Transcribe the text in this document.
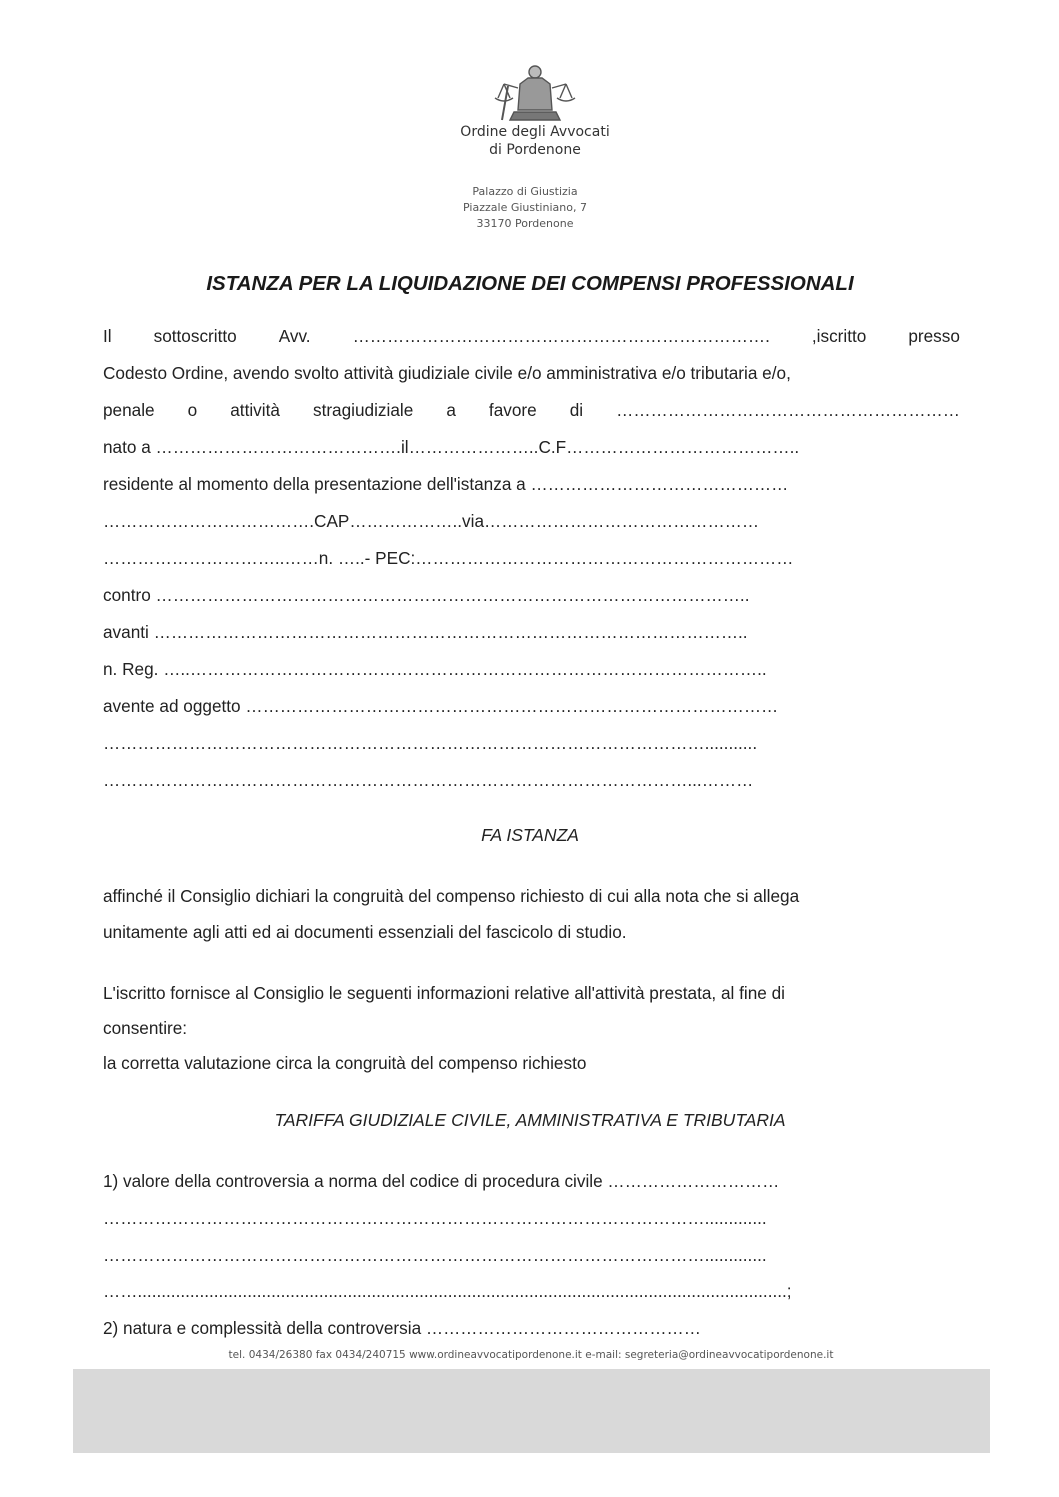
Ordine degli Avvocati
di Pordenone
Palazzo di Giustizia
Piazzale Giustiniano, 7
33170 Pordenone
ISTANZA PER LA LIQUIDAZIONE DEI COMPENSI PROFESSIONALI
Il sottoscritto Avv. ………………………………………………………………. ,iscritto presso
Codesto Ordine, avendo svolto attività giudiziale civile e/o amministrativa e/o tributaria e/o,
penale o attività stragiudiziale a favore di ……………………………………………………
nato a …………………………………….il…………………..C.F…………………………………..
residente al momento della presentazione dell'istanza a ………………………………………
……………………………….CAP………………..via…………………………………………
…………………………..……n. …..- PEC:…………………………………………………………
contro …………………………………………………………………………………………..
avanti …………………………………………………………………………………………..
n. Reg. …..………………………………………………………………………………………..
avente ad oggetto …………………………………………………………………………………
……………………………………………………………………………………………...........
…………………………………………………………………………………………...………
FA ISTANZA
affinché il Consiglio dichiari la congruità del compenso richiesto di cui alla nota che si allega
unitamente agli atti ed ai documenti essenziali del fascicolo di studio.
L'iscritto fornisce al Consiglio le seguenti informazioni relative all'attività prestata, al fine di
consentire:
la corretta valutazione circa la congruità del compenso richiesto
TARIFFA GIUDIZIALE CIVILE, AMMINISTRATIVA E TRIBUTARIA
1) valore della controversia a norma del codice di procedura civile …………………………
…………………………………………………………………………………………….............
…………………………………………………………………………………………….............
……........................................................................................................................................;
2) natura e complessità della controversia …………………………………………
tel. 0434/26380 fax 0434/240715 www.ordineavvocatipordenone.it e-mail: segreteria@ordineavvocatipordenone.it
